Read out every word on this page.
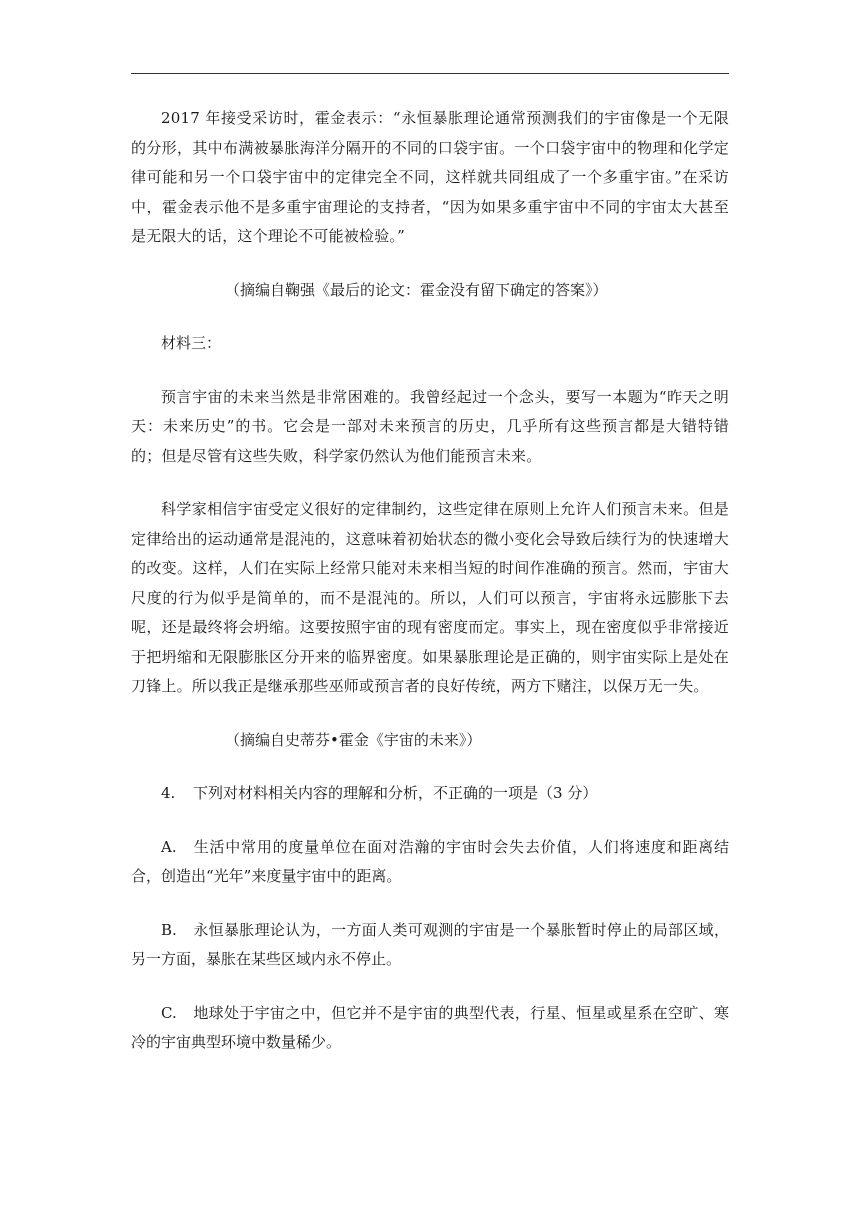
2017 年接受采访时，霍金表示：“永恒暴胀理论通常预测我们的宇宙像是一个无限的分形，其中布满被暴胀海洋分隔开的不同的口袋宇宙。一个口袋宇宙中的物理和化学定律可能和另一个口袋宇宙中的定律完全不同，这样就共同组成了一个多重宇宙。”在采访中，霍金表示他不是多重宇宙理论的支持者，“因为如果多重宇宙中不同的宇宙太大甚至是无限大的话，这个理论不可能被检验。”

（摘编自鞠强《最后的论文：霍金没有留下确定的答案》）

材料三：

预言宇宙的未来当然是非常困难的。我曾经起过一个念头，要写一本题为“昨天之明天：未来历史”的书。它会是一部对未来预言的历史，几乎所有这些预言都是大错特错的；但是尽管有这些失败，科学家仍然认为他们能预言未来。

科学家相信宇宙受定义很好的定律制约，这些定律在原则上允许人们预言未来。但是定律给出的运动通常是混沌的，这意味着初始状态的微小变化会导致后续行为的快速增大的改变。这样，人们在实际上经常只能对未来相当短的时间作准确的预言。然而，宇宙大尺度的行为似乎是简单的，而不是混沌的。所以，人们可以预言，宇宙将永远膨胀下去呢，还是最终将会坍缩。这要按照宇宙的现有密度而定。事实上，现在密度似乎非常接近于把坍缩和无限膨胀区分开来的临界密度。如果暴胀理论是正确的，则宇宙实际上是处在刀锋上。所以我正是继承那些巫师或预言者的良好传统，两方下赌注，以保万无一失。

（摘编自史蒂芬•霍金《宇宙的未来》）

4. 下列对材料相关内容的理解和分析，不正确的一项是（3 分）

A. 生活中常用的度量单位在面对浩瀚的宇宙时会失去价值，人们将速度和距离结合，创造出“光年”来度量宇宙中的距离。

B. 永恒暴胀理论认为，一方面人类可观测的宇宙是一个暴胀暂时停止的局部区域，另一方面，暴胀在某些区域内永不停止。

C. 地球处于宇宙之中，但它并不是宇宙的典型代表，行星、恒星或星系在空旷、寒冷的宇宙典型环境中数量稀少。
